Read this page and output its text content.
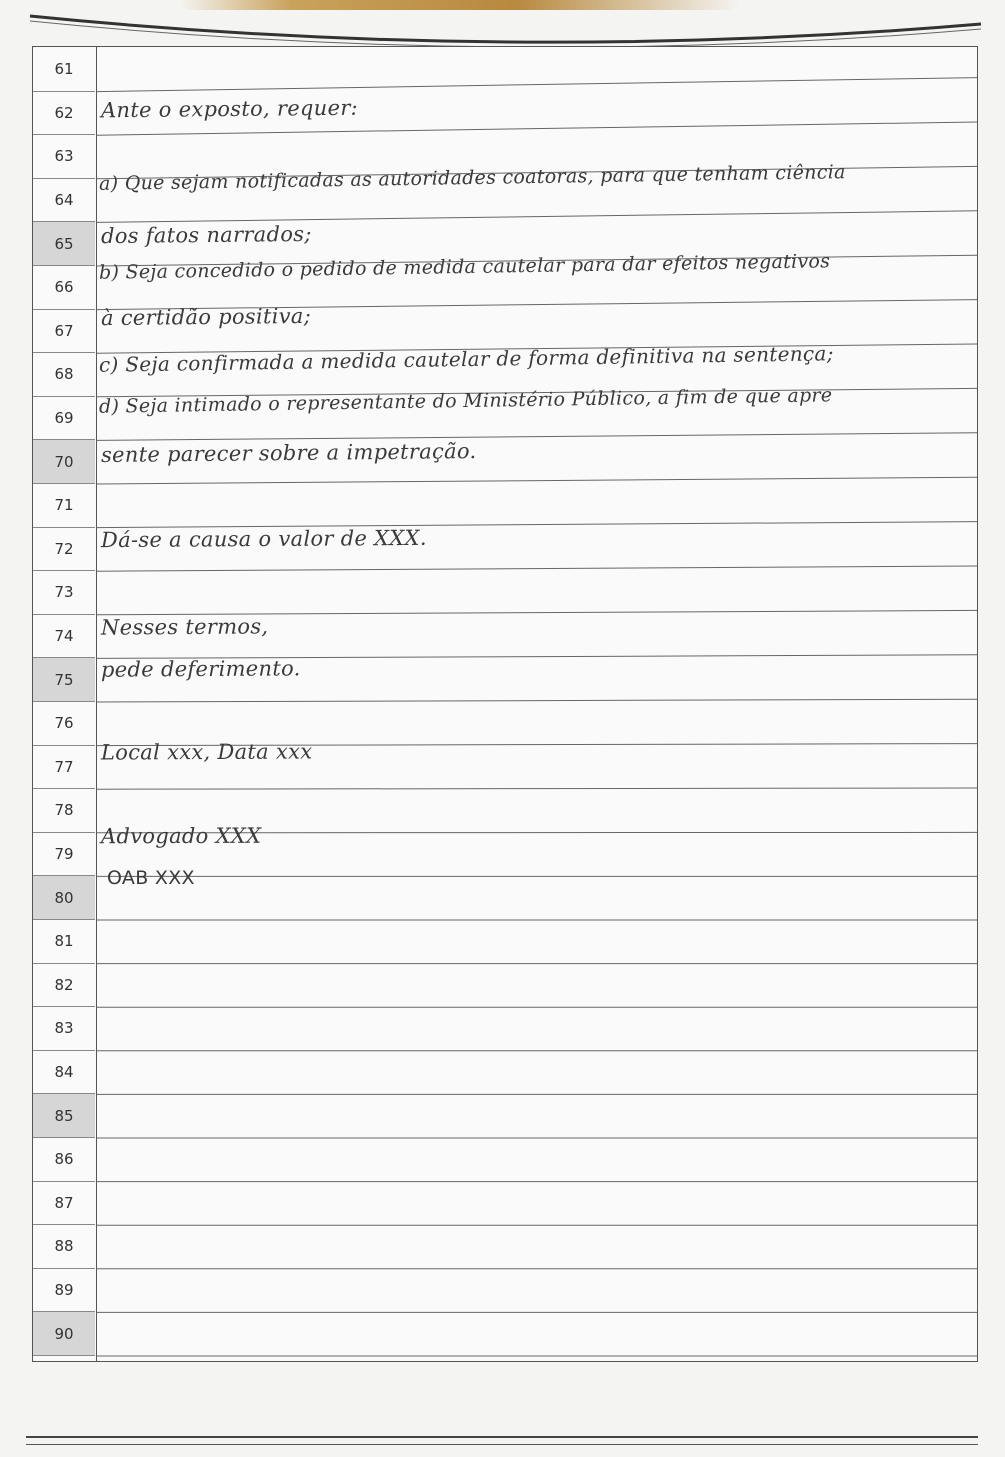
61
62
63
64
65
66
67
68
69
70
71
72
73
74
75
76
77
78
79
80
81
82
83
84
85
86
87
88
89
90
Ante o exposto, requer:
a) Que sejam notificadas as autoridades coatoras, para que tenham ciência
dos fatos narrados;
b) Seja concedido o pedido de medida cautelar para dar efeitos negativos
à certidão positiva;
c) Seja confirmada a medida cautelar de forma definitiva na sentença;
d) Seja intimado o representante do Ministério Público, a fim de que apre
sente parecer sobre a impetração.
Dá-se a causa o valor de XXX.
Nesses termos,
pede deferimento.
Local xxx, Data xxx
Advogado XXX
OAB XXX
